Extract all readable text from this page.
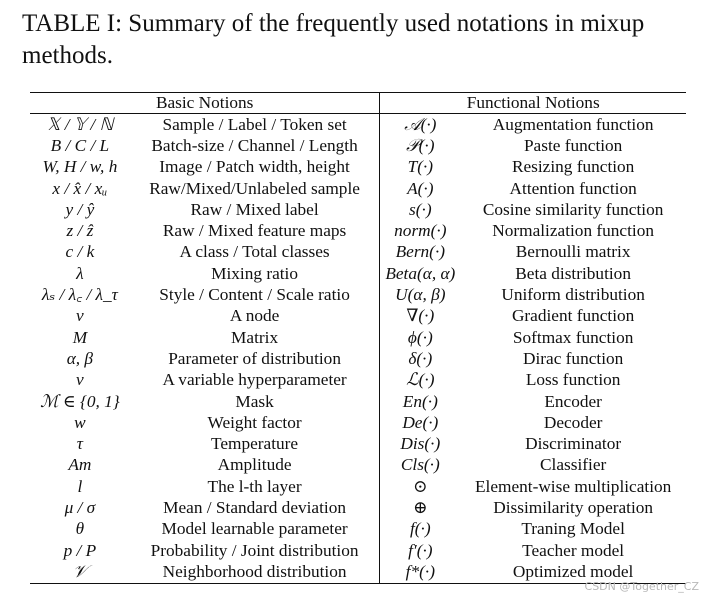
TABLE I: Summary of the frequently used notations in mixup methods.
Basic Notions		Functional Notions	
𝕏 / 𝕐 / ℕ	Sample / Label / Token set	𝒜(·)	Augmentation function
B / C / L	Batch-size / Channel / Length	𝒫(·)	Paste function
W, H / w, h	Image / Patch width, height	T(·)	Resizing function
x / x̂ / xᵤ	Raw/Mixed/Unlabeled sample	A(·)	Attention function
y / ŷ	Raw / Mixed label	s(·)	Cosine similarity function
z / ẑ	Raw / Mixed feature maps	norm(·)	Normalization function
c / k	A class / Total classes	Bern(·)	Bernoulli matrix
λ	Mixing ratio	Beta(α, α)	Beta distribution
λₛ / λ꜀ / λ_τ	Style / Content / Scale ratio	U(α, β)	Uniform distribution
v	A node	∇(·)	Gradient function
M	Matrix	ϕ(·)	Softmax function
α, β	Parameter of distribution	δ(·)	Dirac function
ν	A variable hyperparameter	ℒ(·)	Loss function
ℳ ∈ {0, 1}	Mask	En(·)	Encoder
w	Weight factor	De(·)	Decoder
τ	Temperature	Dis(·)	Discriminator
Am	Amplitude	Cls(·)	Classifier
l	The l-th layer	⊙	Element-wise multiplication
μ / σ	Mean / Standard deviation	⊕	Dissimilarity operation
θ	Model learnable parameter	f(·)	Traning Model
p / P	Probability / Joint distribution	f′(·)	Teacher model
𝒱	Neighborhood distribution	f*(·)	Optimized model
CSDN @Together_CZ
